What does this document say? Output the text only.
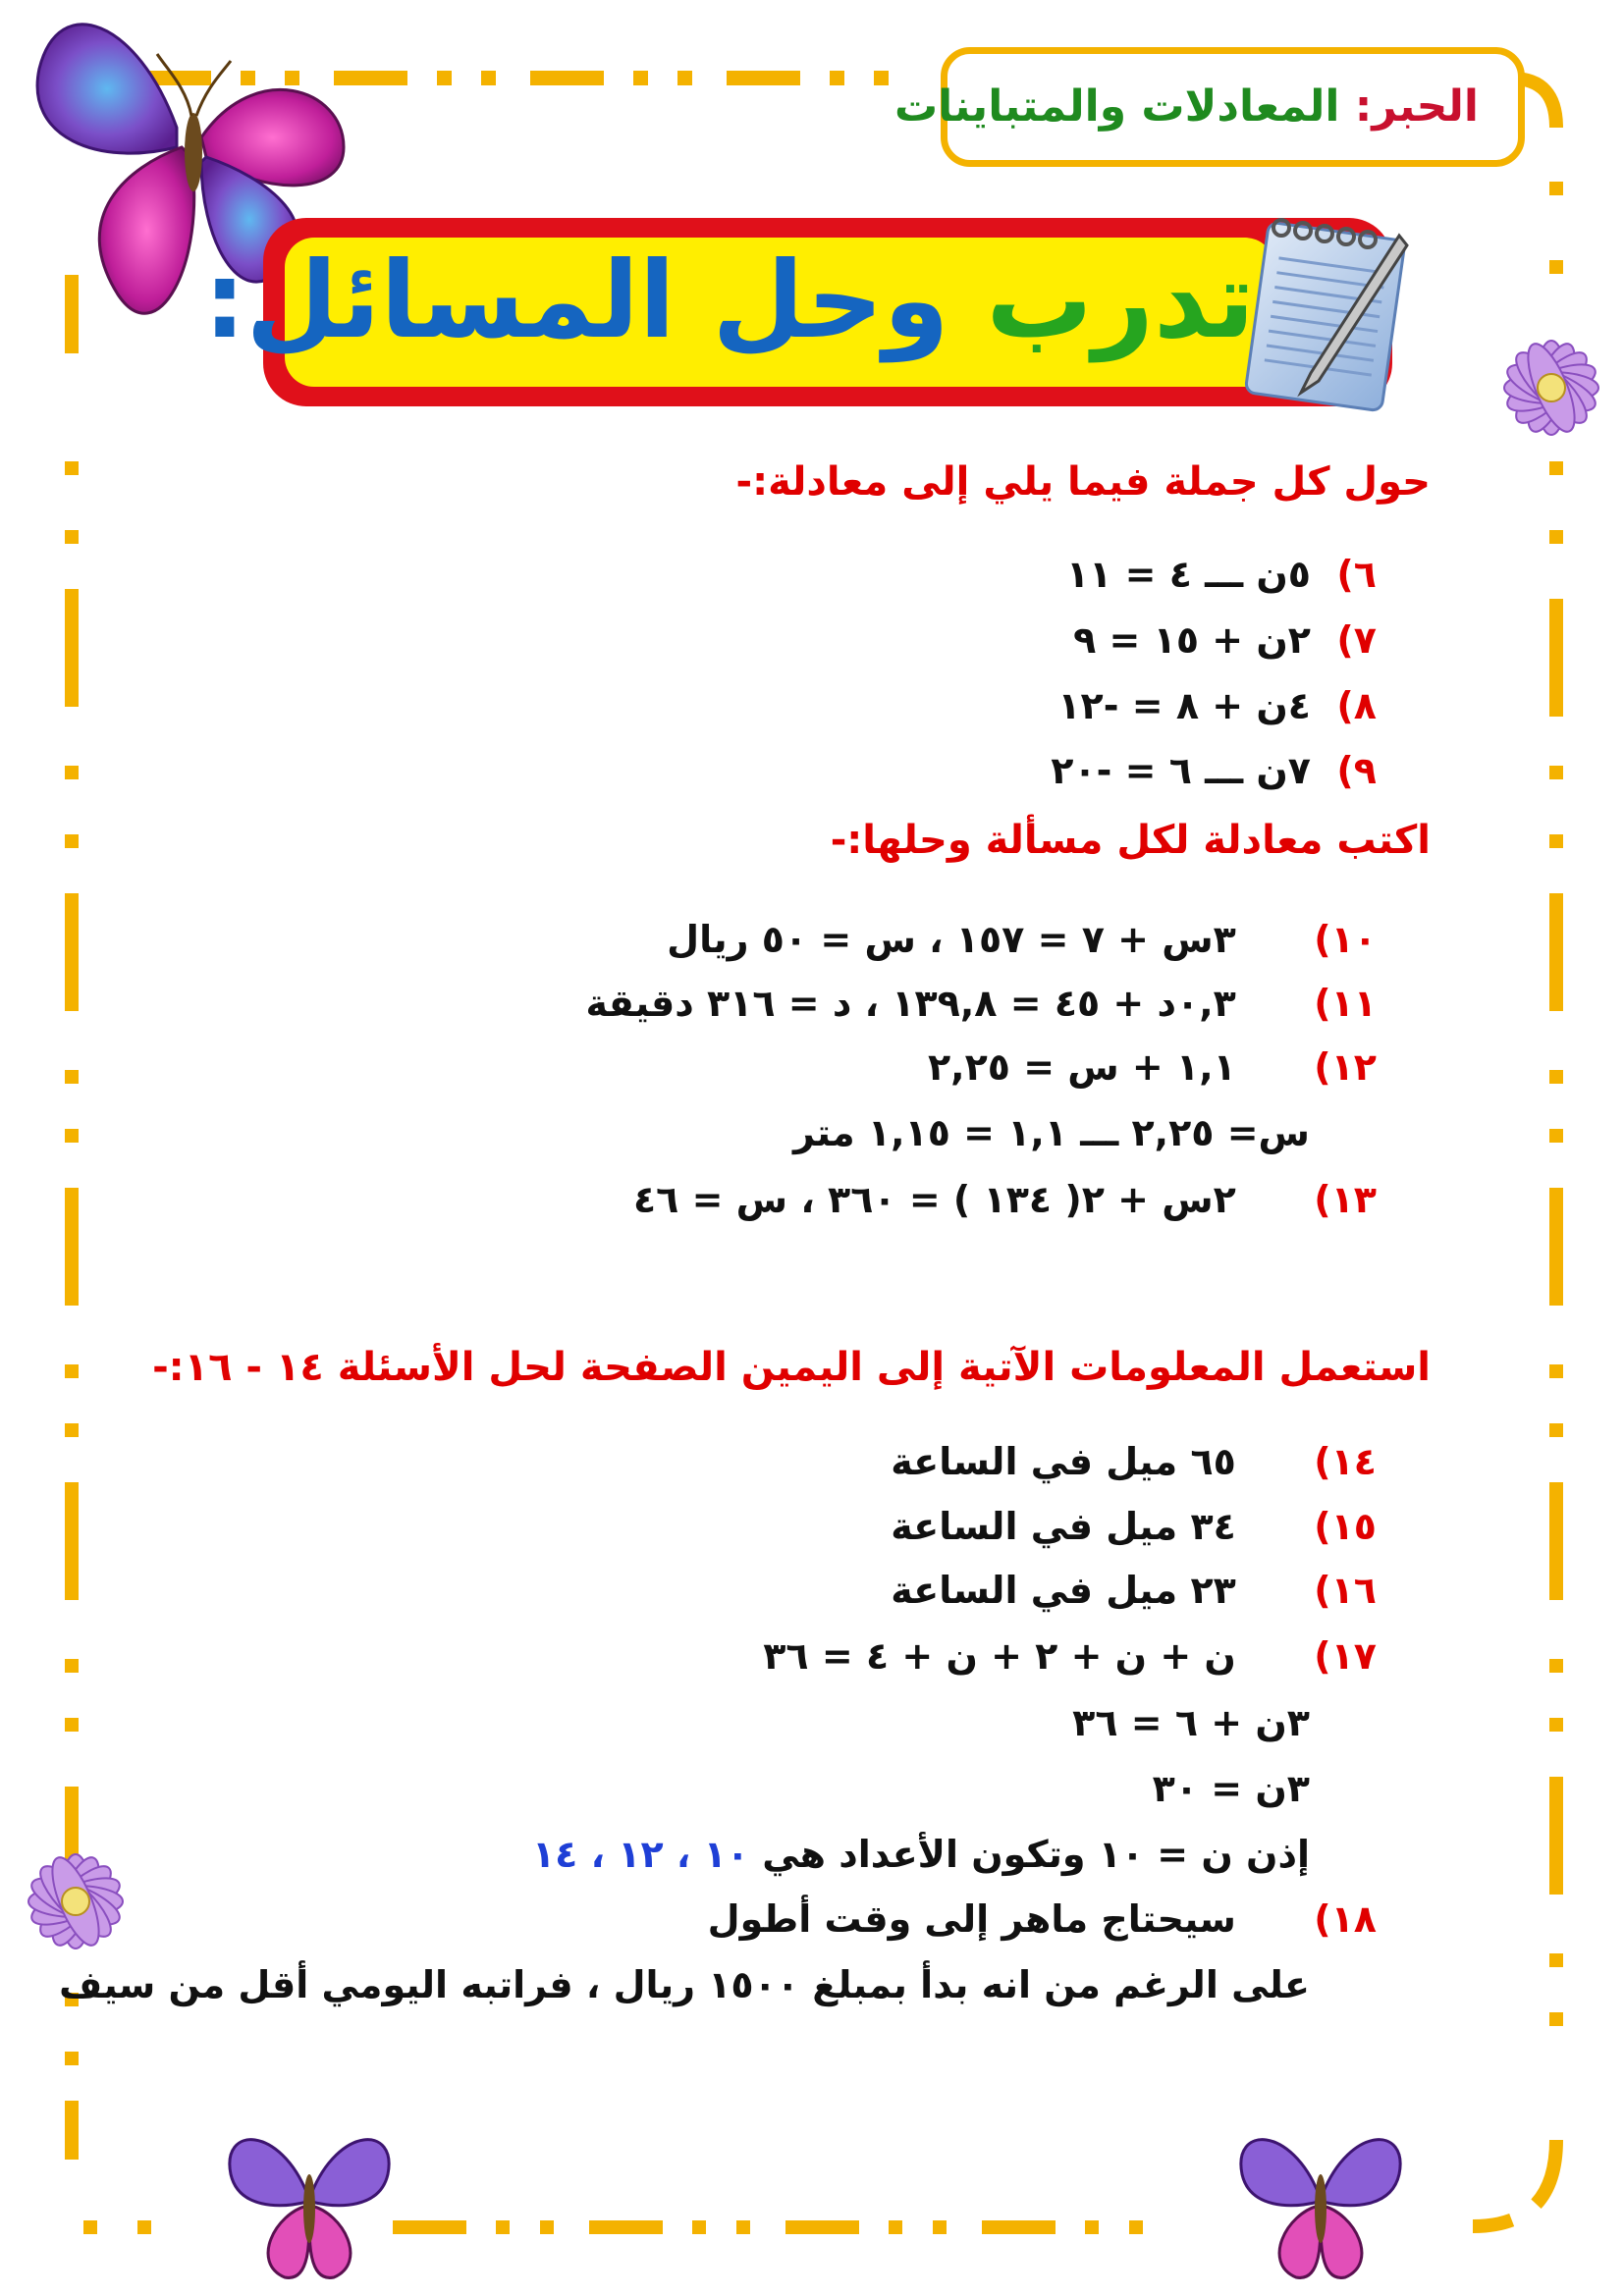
الحبر: المعادلات والمتباينات
تدرب وحل المسائل:
حول كل جملة فيما يلي إلى معادلة:-
٦)  ٥ن ـــ ٤ = ١١
٧)  ٢ن + ١٥ = ٩
٨)  ٤ن + ٨ = -١٢
٩)  ٧ن ـــ ٦ = -٢٠
اكتب معادلة لكل مسألة وحلها:-
١٠)      ٣س + ٧ = ١٥٧ ، س = ٥٠ ريال
١١)      ٠,٣د + ٤٥ = ١٣٩,٨ ، د = ٣١٦ دقيقة
١٢)      ١,١ + س = ٢,٢٥
س= ٢,٢٥ ـــ ١,١ = ١,١٥ متر
١٣)      ٢س + ٢( ١٣٤ ) = ٣٦٠ ، س = ٤٦
استعمل المعلومات الآتية إلى اليمين الصفحة لحل الأسئلة ١٤ - ١٦:-
١٤)      ٦٥ ميل في الساعة
١٥)      ٣٤ ميل في الساعة
١٦)      ٢٣ ميل في الساعة
١٧)      ن + ن + ٢ + ن + ٤ = ٣٦
٣ن + ٦ = ٣٦
٣ن = ٣٠
إذن ن = ١٠ وتكون الأعداد هي ١٠ ، ١٢ ، ١٤
١٨)      سيحتاج ماهر إلى وقت أطول
على الرغم من انه بدأ بمبلغ ١٥٠٠ ريال ، فراتبه اليومي أقل من سيف
